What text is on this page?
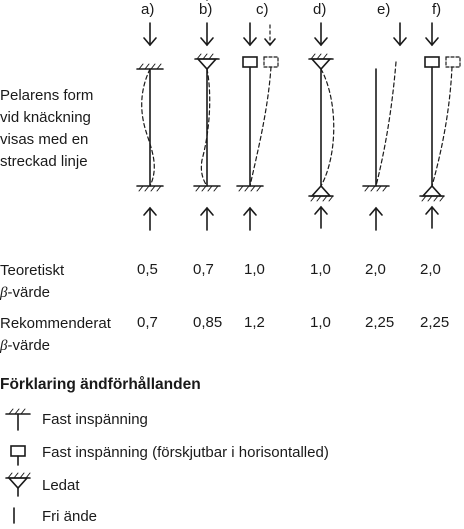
a)	b)	c)	d)	e)	f)
Pelarens form
vid knäckning
visas med en
streckad linje
Teoretiskt
β-värde
0,5 0,7 1,0	1,0 2,0 2,0
Rekommenderat
β-värde
0,7 0,85 1,2	1,0 2,25 2,25
Förklaring ändförhållanden
Fast inspänning
Fast inspänning (förskjutbar i horisontalled)
Ledat
Fri ände
